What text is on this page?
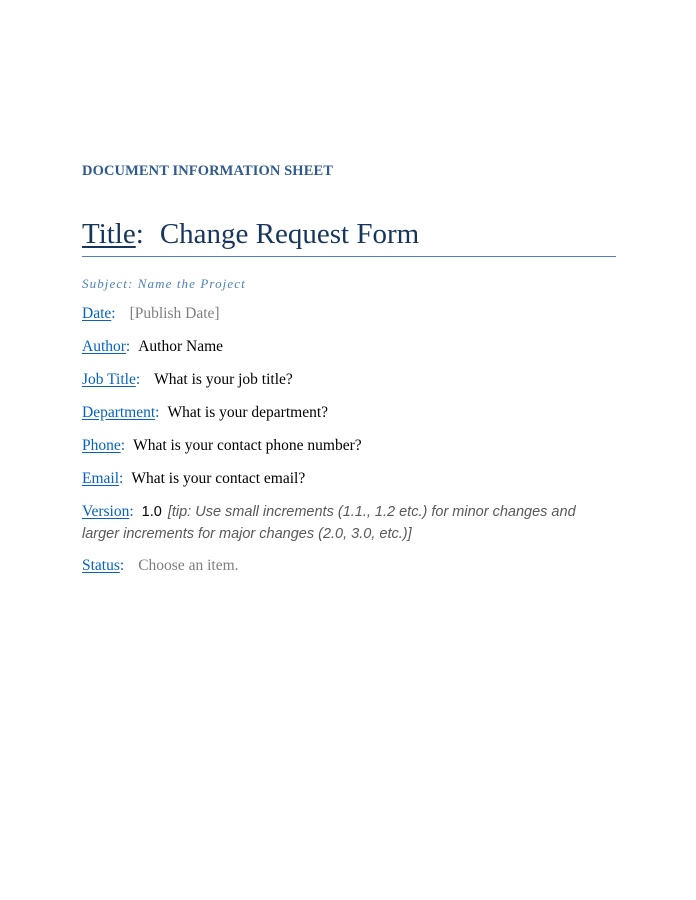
DOCUMENT INFORMATION SHEET
Title: Change Request Form
Subject: Name the Project
Date: [Publish Date]
Author: Author Name
Job Title: What is your job title?
Department: What is your department?
Phone: What is your contact phone number?
Email: What is your contact email?
Version: 1.0 [tip: Use small increments (1.1., 1.2 etc.) for minor changes and larger increments for major changes (2.0, 3.0, etc.)]
Status: Choose an item.
